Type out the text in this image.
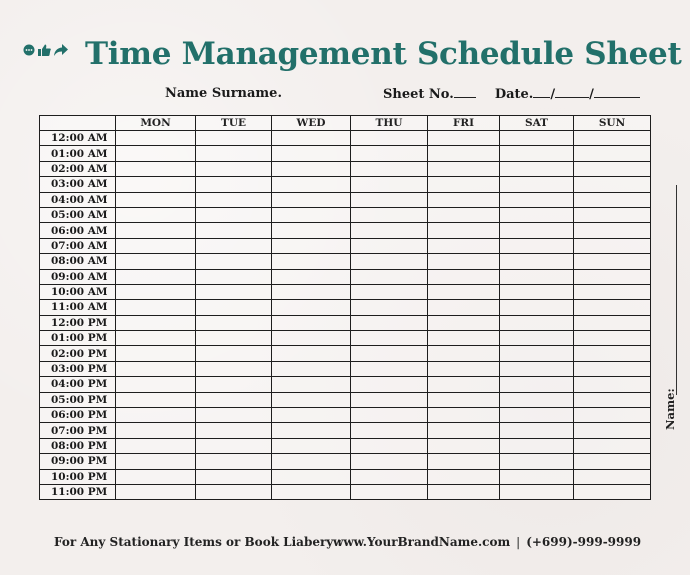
Time Management Schedule Sheet
Name Surname.	Sheet No.	Date. /	/
	MON	TUE	WED	THU	FRI	SAT	SUN
12:00 AM							
01:00 AM							
02:00 AM							
03:00 AM							
04:00 AM							
05:00 AM							
06:00 AM							
07:00 AM							
08:00 AM							
09:00 AM							
10:00 AM							
11:00 AM							
12:00 PM							
01:00 PM							
02:00 PM							
03:00 PM							
04:00 PM							
05:00 PM							
06:00 PM							
07:00 PM							
08:00 PM							
09:00 PM							
10:00 PM							
11:00 PM							
Name:
For Any Stationary Items or Book Liabery :
www.YourBrandName.com | (+699)-999-9999
